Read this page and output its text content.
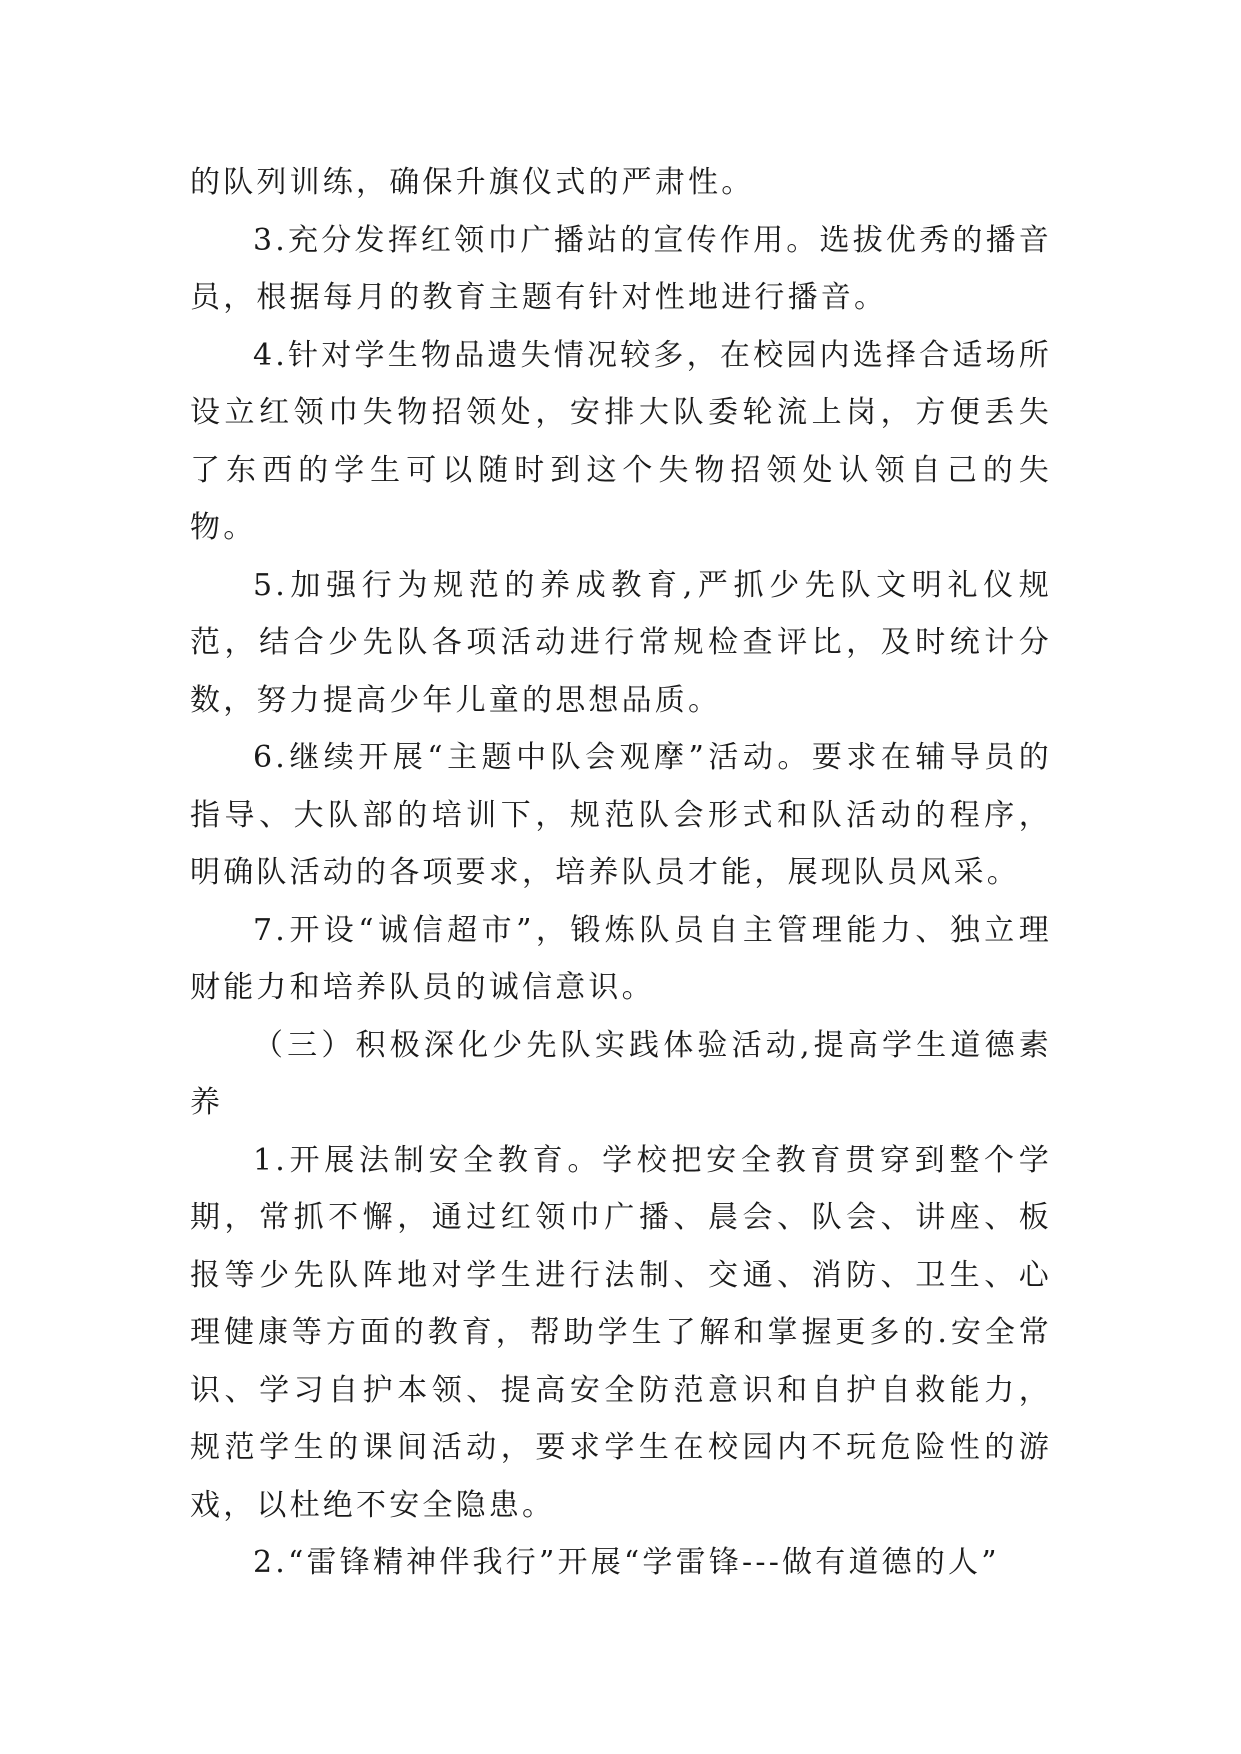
的队列训练，确保升旗仪式的严肃性。

3.充分发挥红领巾广播站的宣传作用。选拔优秀的播音员，根据每月的教育主题有针对性地进行播音。

4.针对学生物品遗失情况较多，在校园内选择合适场所设立红领巾失物招领处，安排大队委轮流上岗，方便丢失了东西的学生可以随时到这个失物招领处认领自己的失物。

5.加强行为规范的养成教育,严抓少先队文明礼仪规范，结合少先队各项活动进行常规检查评比，及时统计分数，努力提高少年儿童的思想品质。

6.继续开展“主题中队会观摩”活动。要求在辅导员的指导、大队部的培训下，规范队会形式和队活动的程序，明确队活动的各项要求，培养队员才能，展现队员风采。

7.开设“诚信超市”，锻炼队员自主管理能力、独立理财能力和培养队员的诚信意识。

（三）积极深化少先队实践体验活动,提高学生道德素养

1.开展法制安全教育。学校把安全教育贯穿到整个学期，常抓不懈，通过红领巾广播、晨会、队会、讲座、板报等少先队阵地对学生进行法制、交通、消防、卫生、心理健康等方面的教育，帮助学生了解和掌握更多的.安全常识、学习自护本领、提高安全防范意识和自护自救能力，规范学生的课间活动，要求学生在校园内不玩危险性的游戏，以杜绝不安全隐患。

2.“雷锋精神伴我行”开展“学雷锋---做有道德的人”
